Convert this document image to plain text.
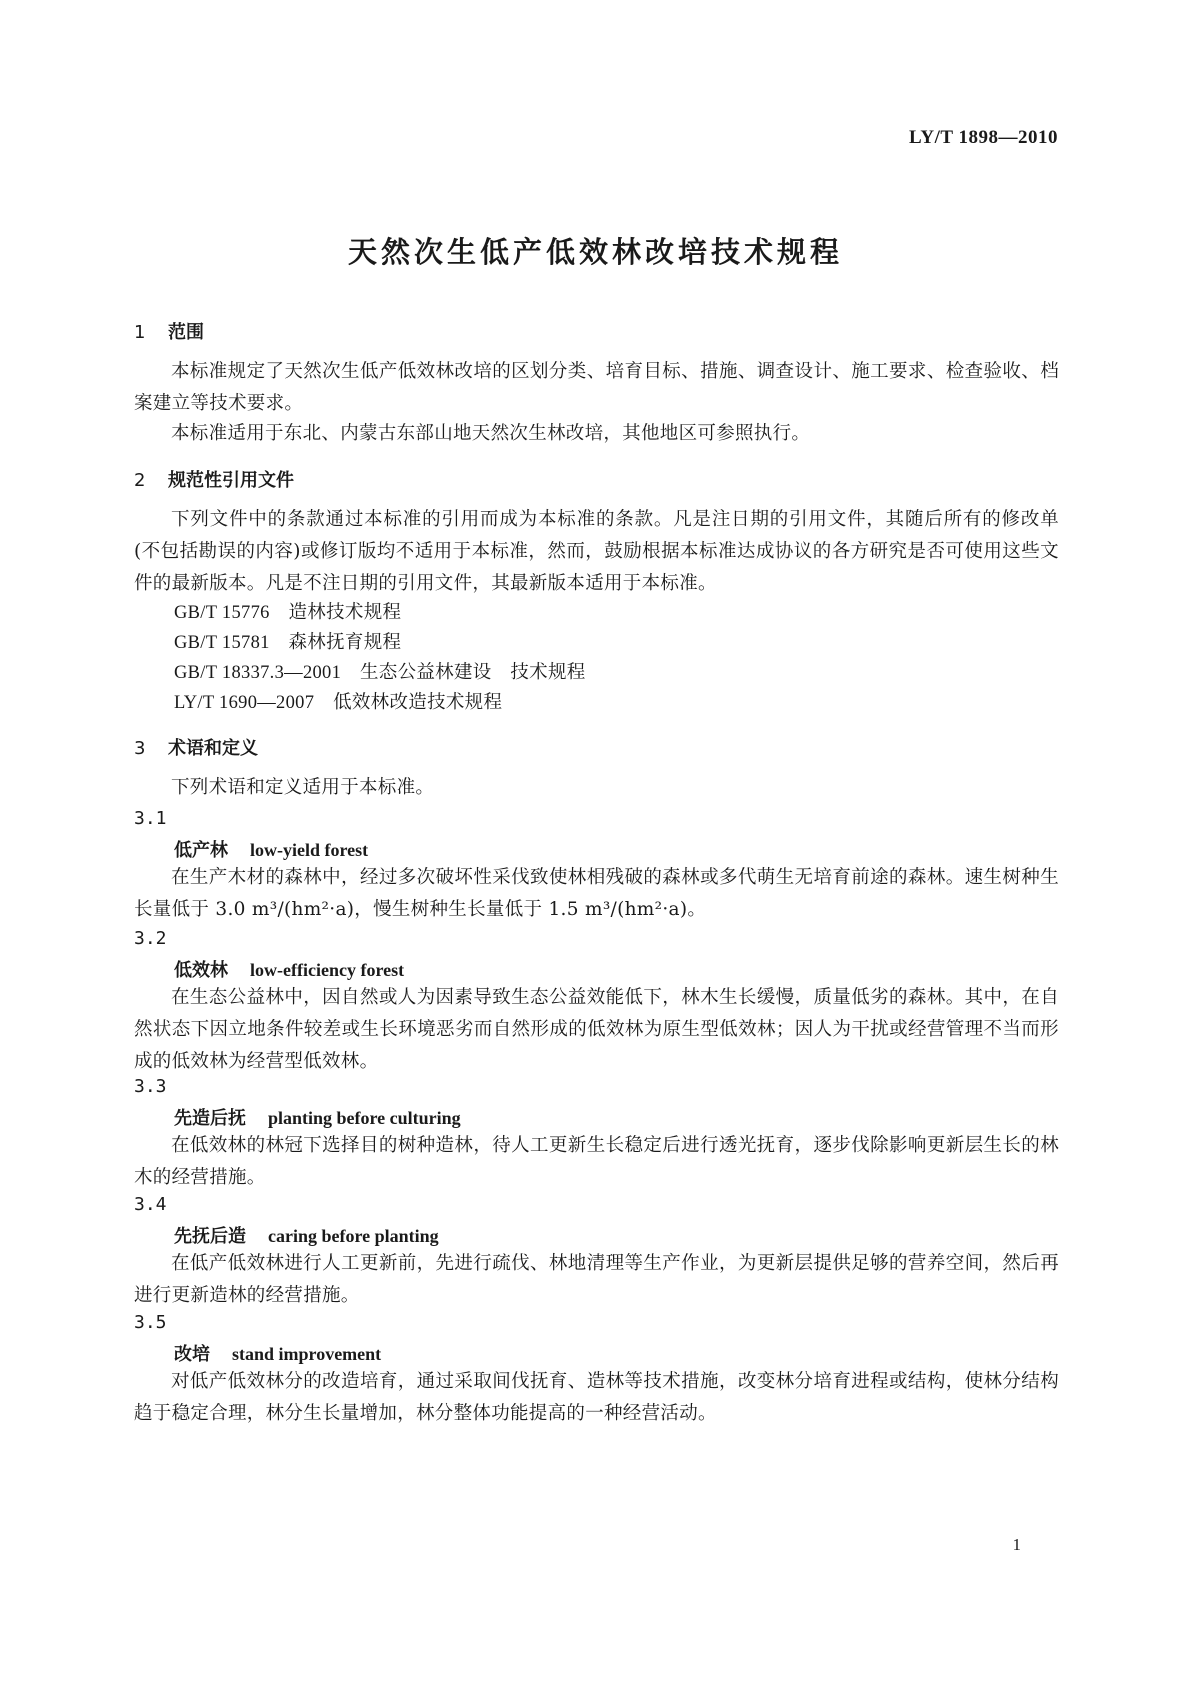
LY/T 1898—2010
天然次生低产低效林改培技术规程
1 范围
本标准规定了天然次生低产低效林改培的区划分类、培育目标、措施、调查设计、施工要求、检查验收、档案建立等技术要求。
本标准适用于东北、内蒙古东部山地天然次生林改培，其他地区可参照执行。
2 规范性引用文件
下列文件中的条款通过本标准的引用而成为本标准的条款。凡是注日期的引用文件，其随后所有的修改单(不包括勘误的内容)或修订版均不适用于本标准，然而，鼓励根据本标准达成协议的各方研究是否可使用这些文件的最新版本。凡是不注日期的引用文件，其最新版本适用于本标准。
GB/T 15776　 造林技术规程
GB/T 15781　 森林抚育规程
GB/T 18337.3—2001　 生态公益林建设　技术规程
LY/T 1690—2007　 低效林改造技术规程
3 术语和定义
下列术语和定义适用于本标准。
3.1
低产林 low-yield forest
在生产木材的森林中，经过多次破坏性采伐致使林相残破的森林或多代萌生无培育前途的森林。速生树种生长量低于 3.0 m³/(hm²·a)，慢生树种生长量低于 1.5 m³/(hm²·a)。
3.2
低效林 low-efficiency forest
在生态公益林中，因自然或人为因素导致生态公益效能低下，林木生长缓慢，质量低劣的森林。其中，在自然状态下因立地条件较差或生长环境恶劣而自然形成的低效林为原生型低效林；因人为干扰或经营管理不当而形成的低效林为经营型低效林。
3.3
先造后抚 planting before culturing
在低效林的林冠下选择目的树种造林，待人工更新生长稳定后进行透光抚育，逐步伐除影响更新层生长的林木的经营措施。
3.4
先抚后造 caring before planting
在低产低效林进行人工更新前，先进行疏伐、林地清理等生产作业，为更新层提供足够的营养空间，然后再进行更新造林的经营措施。
3.5
改培 stand improvement
对低产低效林分的改造培育，通过采取间伐抚育、造林等技术措施，改变林分培育进程或结构，使林分结构趋于稳定合理，林分生长量增加，林分整体功能提高的一种经营活动。
1
